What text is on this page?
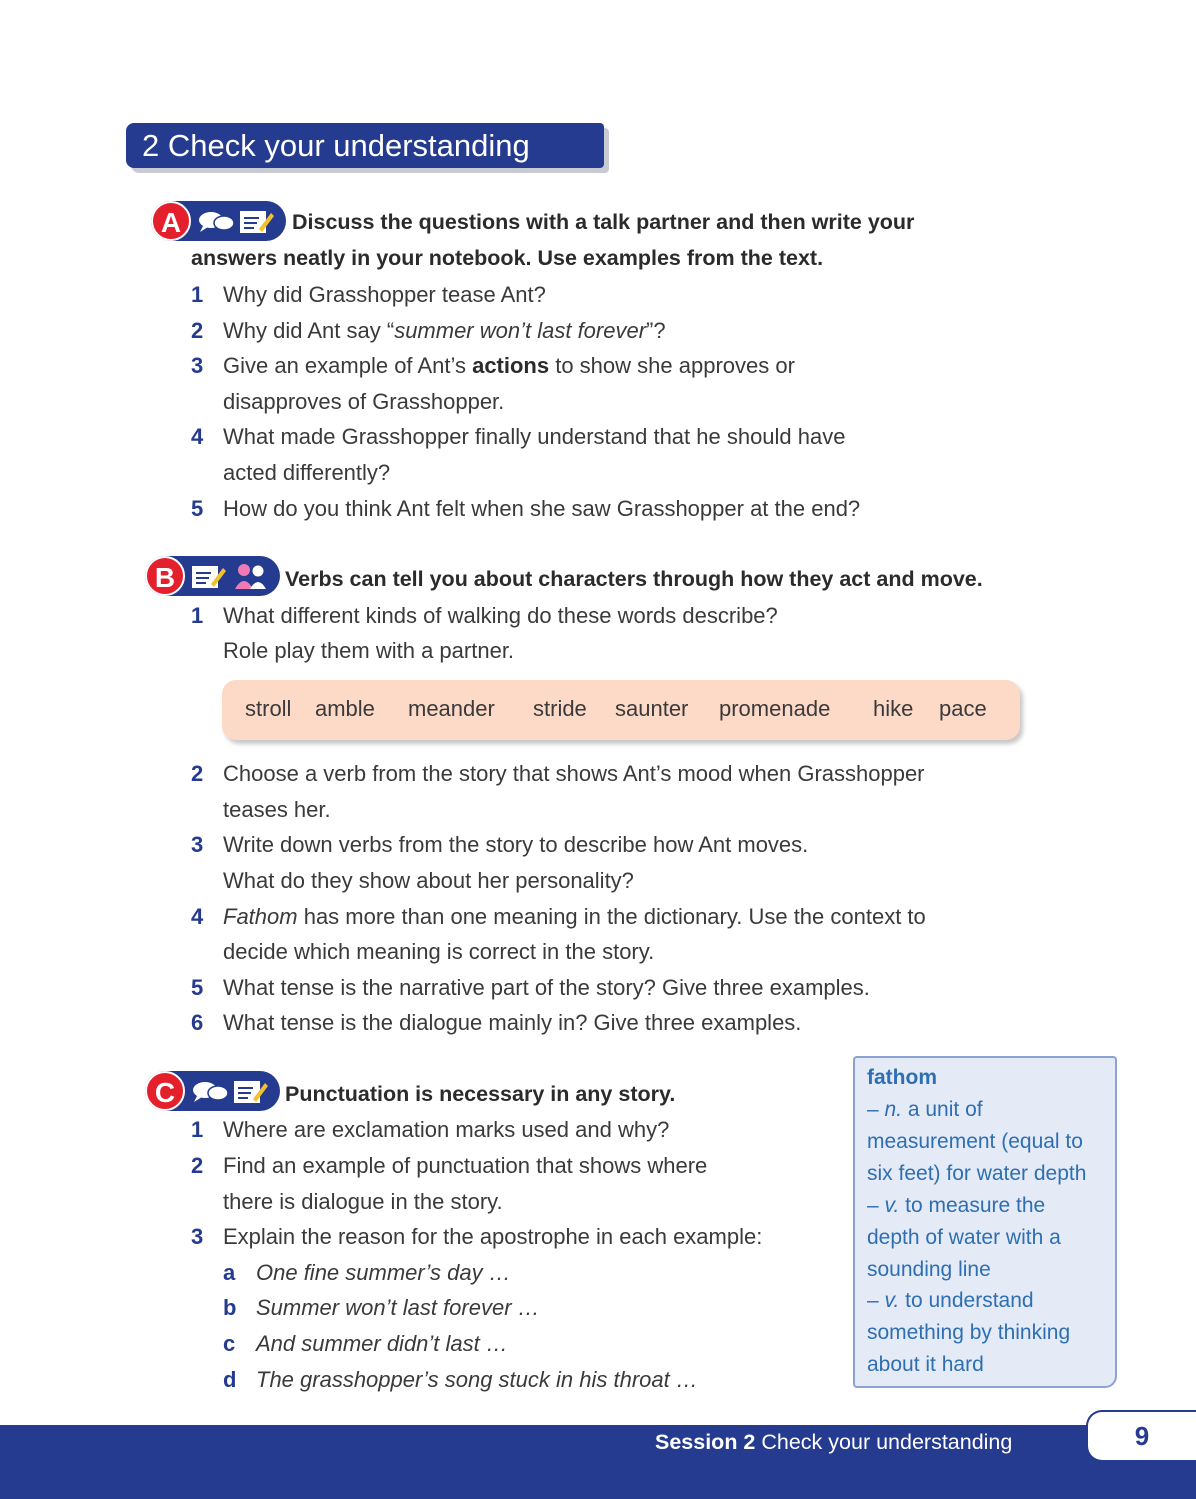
2 Check your understanding
A	Discuss the questions with a talk partner and then write your
answers neatly in your notebook. Use examples from the text.
1 Why did Grasshopper tease Ant?
2 Why did Ant say “summer won’t last forever”?
3 Give an example of Ant’s actions to show she approves or
disapproves of Grasshopper.
4 What made Grasshopper finally understand that he should have
acted differently?
5 How do you think Ant felt when she saw Grasshopper at the end?
B	Verbs can tell you about characters through how they act and move.
1 What different kinds of walking do these words describe?
Role play them with a partner.
stroll amble meander stride saunter promenade hike pace
2 Choose a verb from the story that shows Ant’s mood when Grasshopper
teases her.
3 Write down verbs from the story to describe how Ant moves.
What do they show about her personality?
4 Fathom has more than one meaning in the dictionary. Use the context to
decide which meaning is correct in the story.
5 What tense is the narrative part of the story? Give three examples.
6 What tense is the dialogue mainly in? Give three examples.
C	Punctuation is necessary in any story.
1 Where are exclamation marks used and why?
2 Find an example of punctuation that shows where
there is dialogue in the story.
3 Explain the reason for the apostrophe in each example:
a One fine summer’s day …
b Summer won’t last forever …
c And summer didn’t last …
d The grasshopper’s song stuck in his throat …
fathom
– n. a unit of
measurement (equal to
six feet) for water depth
– v. to measure the
depth of water with a
sounding line
– v. to understand
something by thinking
about it hard
Session 2 Check your understanding	9
